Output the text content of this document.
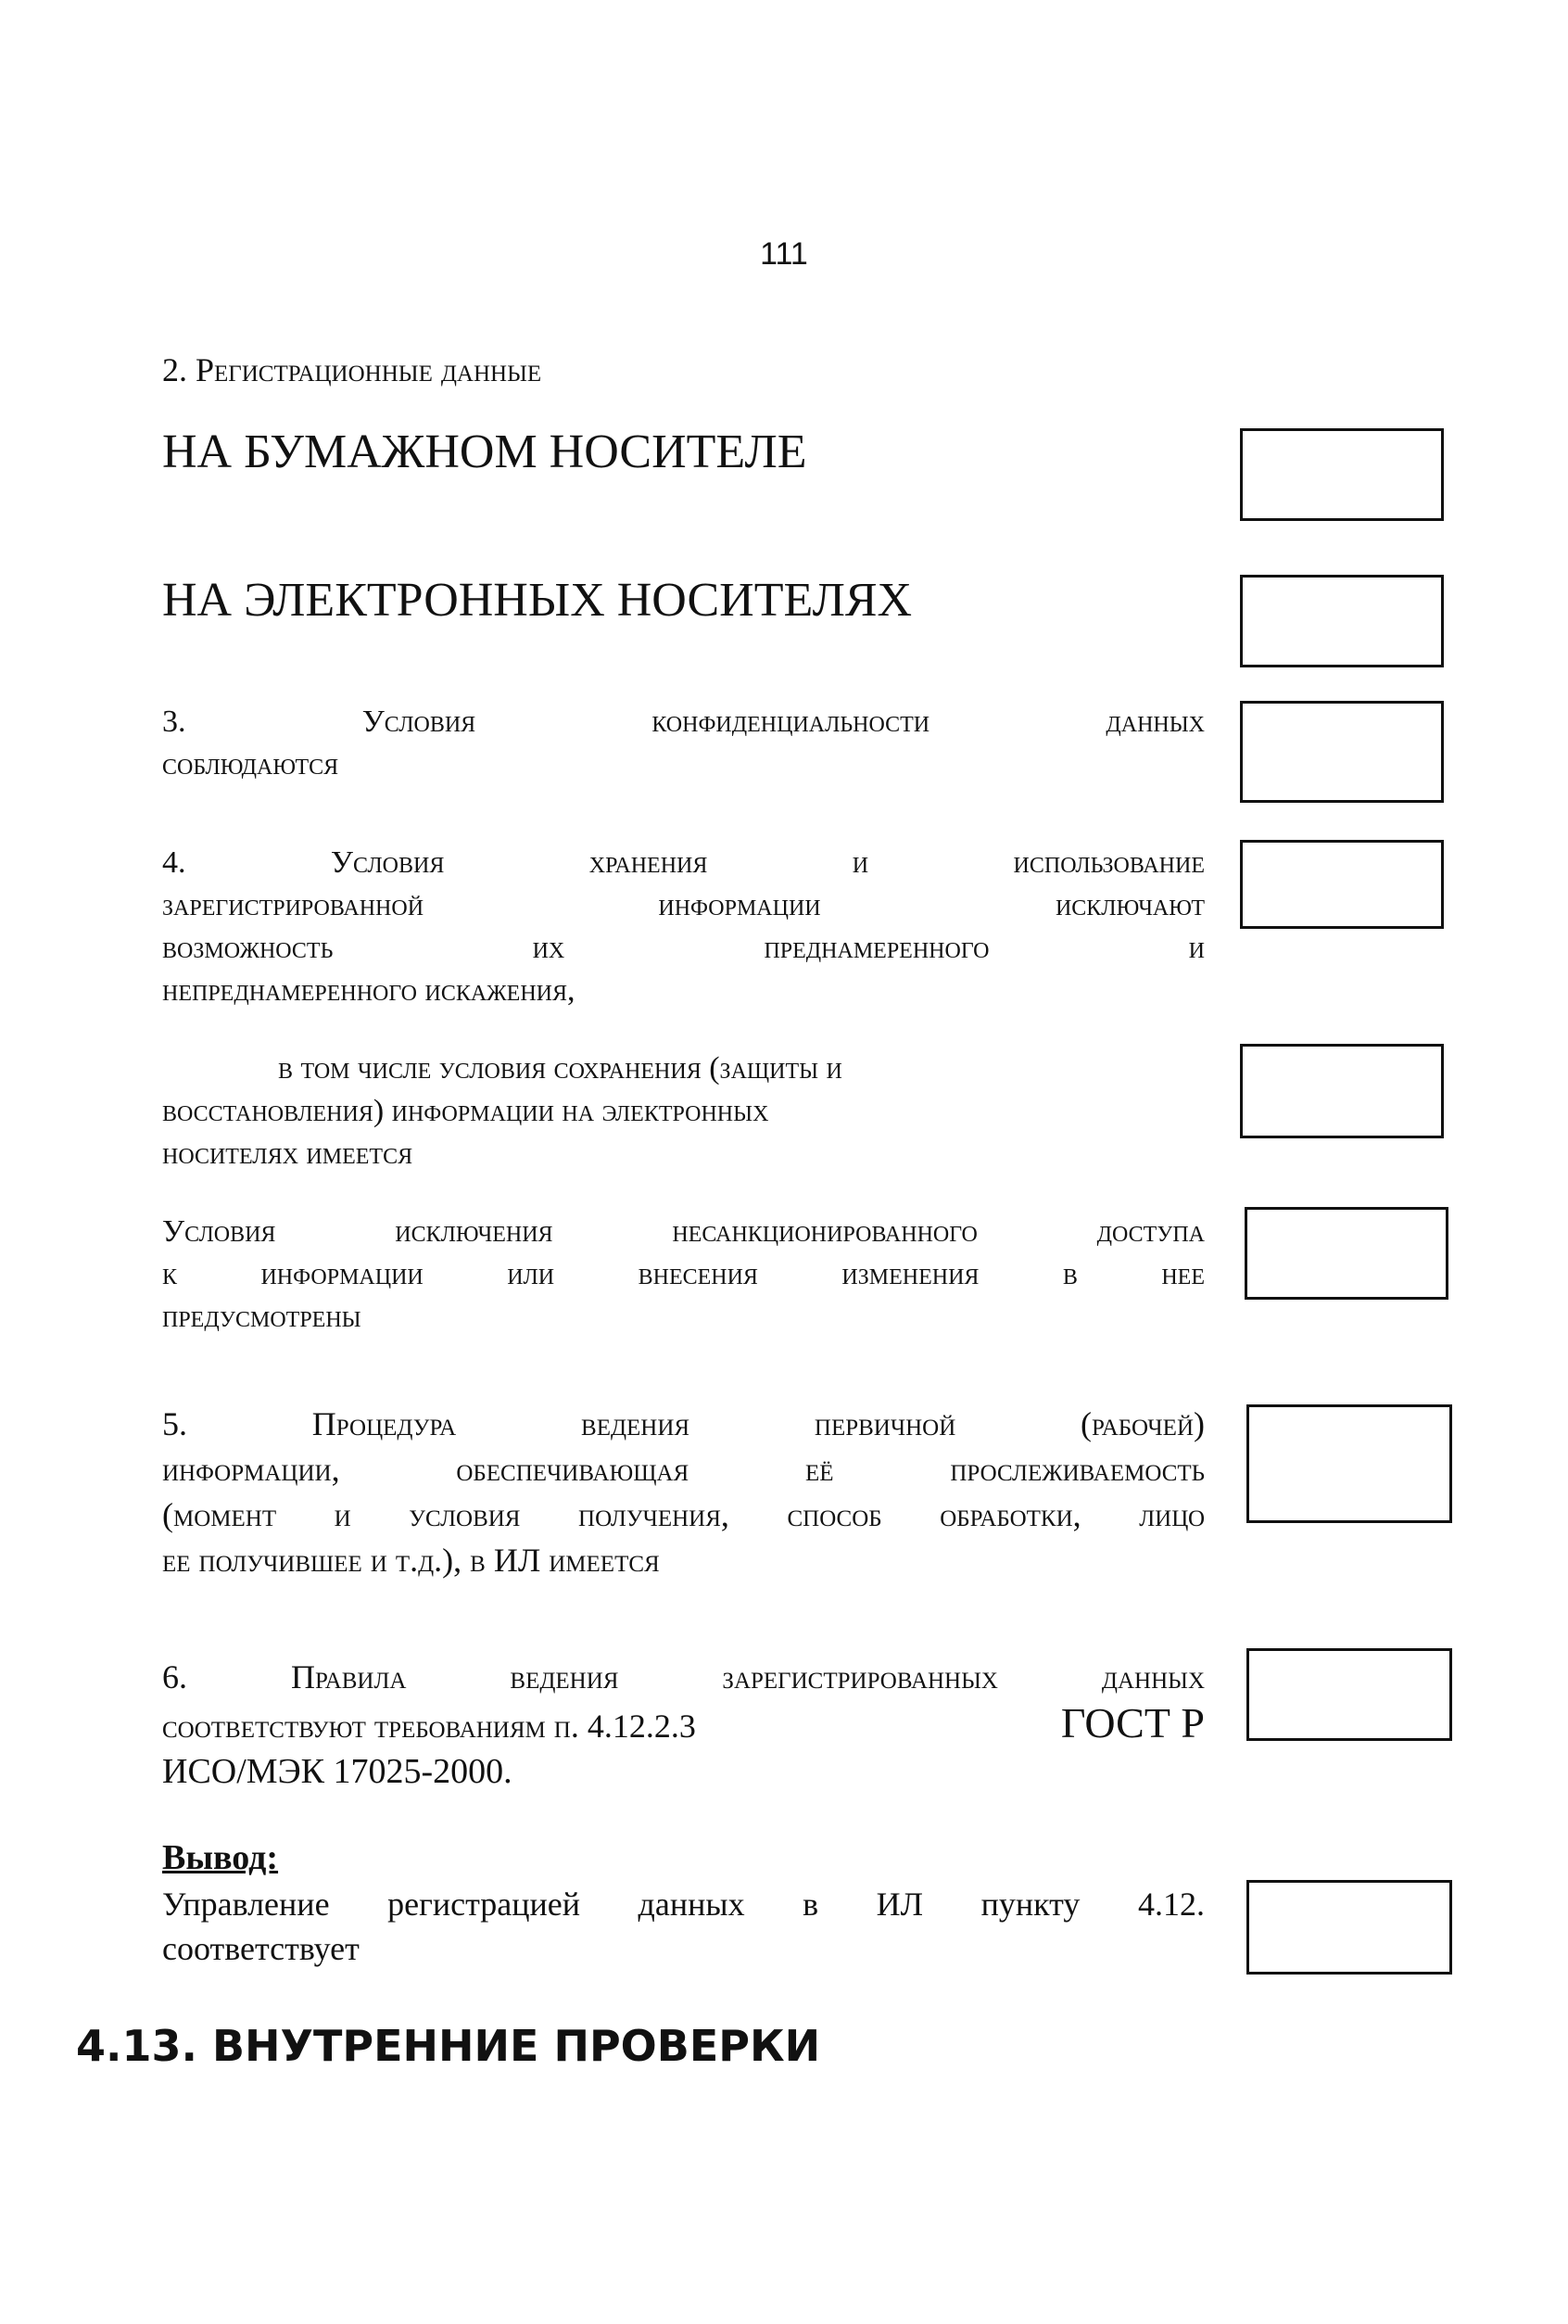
111
2. Регистрационные данные
НА БУМАЖНОМ НОСИТЕЛЕ
НА ЭЛЕКТРОННЫХ НОСИТЕЛЯХ
3. Условия конфиденциальности данных
соблюдаются
4. Условия хранения и использование
зарегистрированной информации исключают
возможность их преднамеренного и
непреднамеренного искажения,
в том числе условия сохранения (защиты и
восстановления) информации на электронных
носителях имеется
Условия исключения несанкционированного доступа
к информации или внесения изменения в нее
предусмотрены
5. Процедура ведения первичной (рабочей)
информации, обеспечивающая её прослеживаемость
(момент и условия получения, способ обработки, лицо
ее получившее и т.д.), в ИЛ имеется
6. Правила ведения зарегистрированных данных
соответствуют требованиям п. 4.12.2.3	ГОСТ Р
ИСО/МЭК 17025-2000.
Вывод:
Управление регистрацией данных в ИЛ пункту 4.12.
соответствует
4.13. ВНУТРЕННИЕ ПРОВЕРКИ
